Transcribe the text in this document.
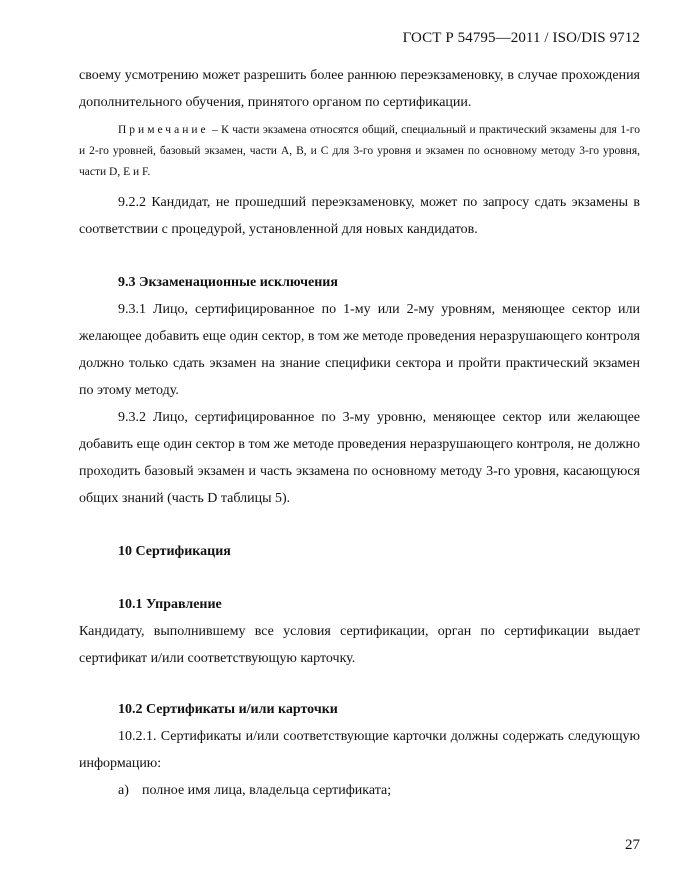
ГОСТ Р 54795—2011 / ISO/DIS 9712

своему усмотрению может разрешить более раннюю переэкзаменовку, в случае прохождения дополнительного обучения, принятого органом по сертификации.

Примечание – К части экзамена относятся общий, специальный и практический экзамены для 1-го и 2-го уровней, базовый экзамен, части A, B, и C для 3-го уровня и экзамен по основному методу 3-го уровня, части D, E и F.

9.2.2 Кандидат, не прошедший переэкзаменовку, может по запросу сдать экзамены в соответствии с процедурой, установленной для новых кандидатов.

9.3 Экзаменационные исключения

9.3.1 Лицо, сертифицированное по 1-му или 2-му уровням, меняющее сектор или желающее добавить еще один сектор, в том же методе проведения неразрушающего контроля должно только сдать экзамен на знание специфики сектора и пройти практический экзамен по этому методу.

9.3.2 Лицо, сертифицированное по 3-му уровню, меняющее сектор или желающее добавить еще один сектор в том же методе проведения неразрушающего контроля, не должно проходить базовый экзамен и часть экзамена по основному методу 3-го уровня, касающуюся общих знаний (часть D таблицы 5).

10 Сертификация

10.1 Управление

Кандидату, выполнившему все условия сертификации, орган по сертификации выдает сертификат и/или соответствующую карточку.

10.2 Сертификаты и/или карточки

10.2.1. Сертификаты и/или соответствующие карточки должны содержать следующую информацию:

а) полное имя лица, владельца сертификата;

27
